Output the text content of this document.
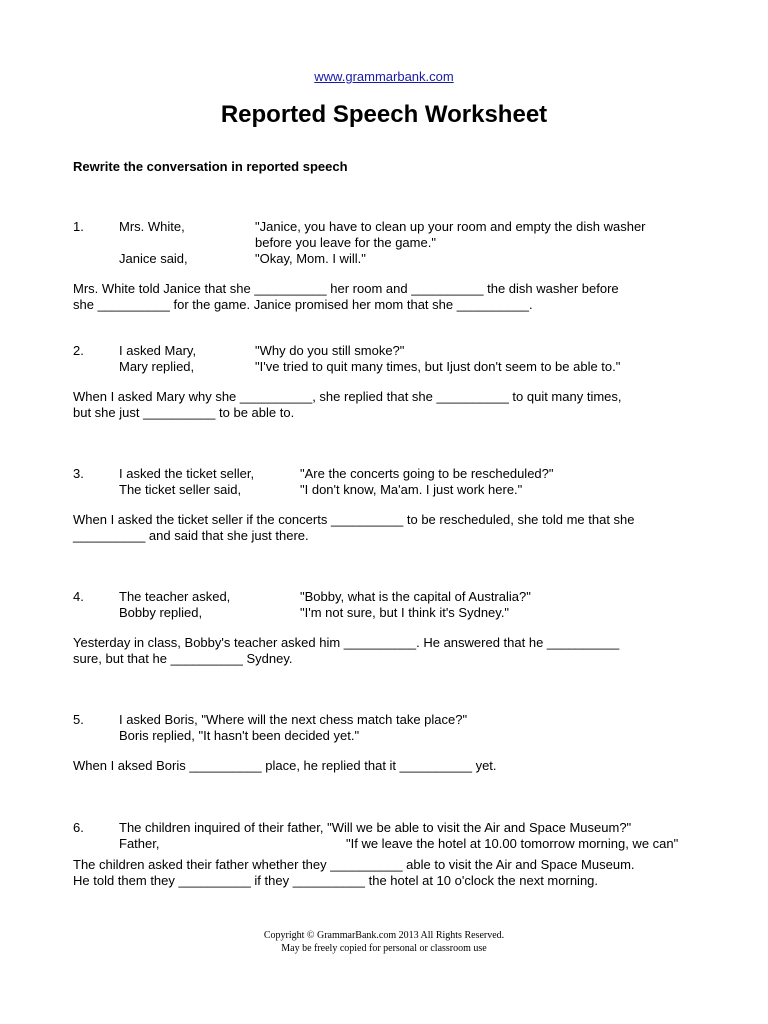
www.grammarbank.com
Reported Speech Worksheet
Rewrite the conversation in reported speech
1.	Mrs. White,	"Janice, you have to clean up your room and empty the dish washer
before you leave for the game."
Janice said,	"Okay, Mom. I will."
Mrs. White told Janice that she __________ her room and __________ the dish washer before
she __________ for the game. Janice promised her mom that she __________.
2.	I asked Mary,	"Why do you still smoke?"
Mary replied,	"I've tried to quit many times, but Ijust don't seem to be able to."
When I asked Mary why she __________, she replied that she __________ to quit many times,
but she just __________ to be able to.
3.	I asked the ticket seller,	"Are the concerts going to be rescheduled?"
The ticket seller said,	"I don't know, Ma'am. I just work here."
When I asked the ticket seller if the concerts __________ to be rescheduled, she told me that she
__________ and said that she just there.
4.	The teacher asked,	"Bobby, what is the capital of Australia?"
Bobby replied,	"I'm not sure, but I think it's Sydney."
Yesterday in class, Bobby's teacher asked him __________. He answered that he __________
sure, but that he __________ Sydney.
5.	I asked Boris, "Where will the next chess match take place?"
Boris replied, "It hasn't been decided yet."
When I aksed Boris __________ place, he replied that it __________ yet.
6.	The children inquired of their father, "Will we be able to visit the Air and Space Museum?"
Father,	"If we leave the hotel at 10.00 tomorrow morning, we can"
The children asked their father whether they __________ able to visit the Air and Space Museum.
He told them they __________ if they __________ the hotel at 10 o'clock the next morning.
Copyright © GrammarBank.com 2013 All Rights Reserved.
May be freely copied for personal or classroom use
